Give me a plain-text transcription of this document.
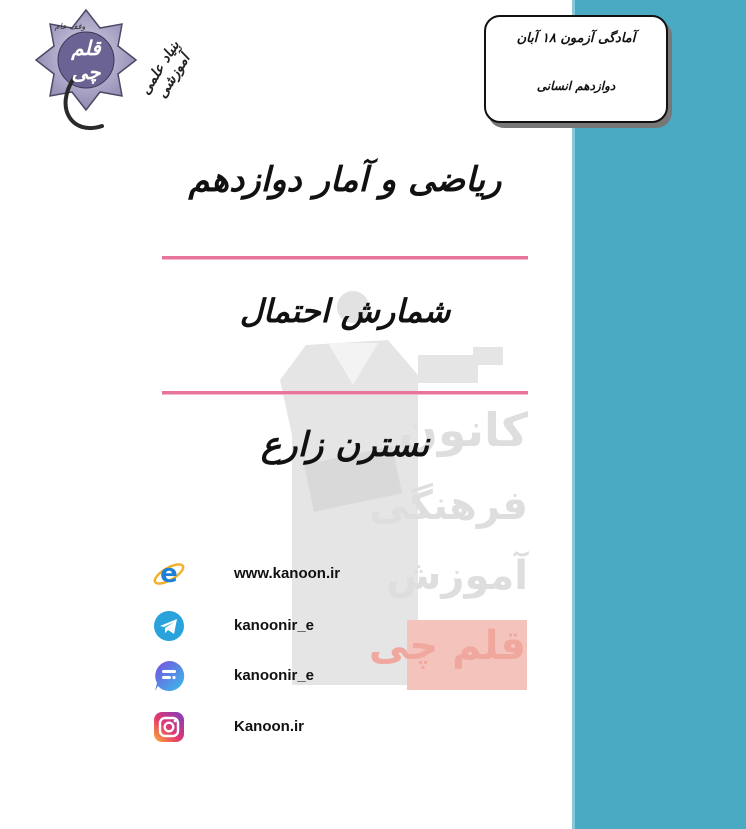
آمادگی آزمون ۱۸ آبان
دوازدهم انسانی
وقف عام
قلم چی	بنیاد علمی آموزشی
کانون
فرهنگی
آموزش
قلم چی
ریاضی و آمار دوازدهم
شمارش احتمال
نسترن زارع
e	www.kanoon.ir
kanoonir_e
kanoonir_e
Kanoon.ir
